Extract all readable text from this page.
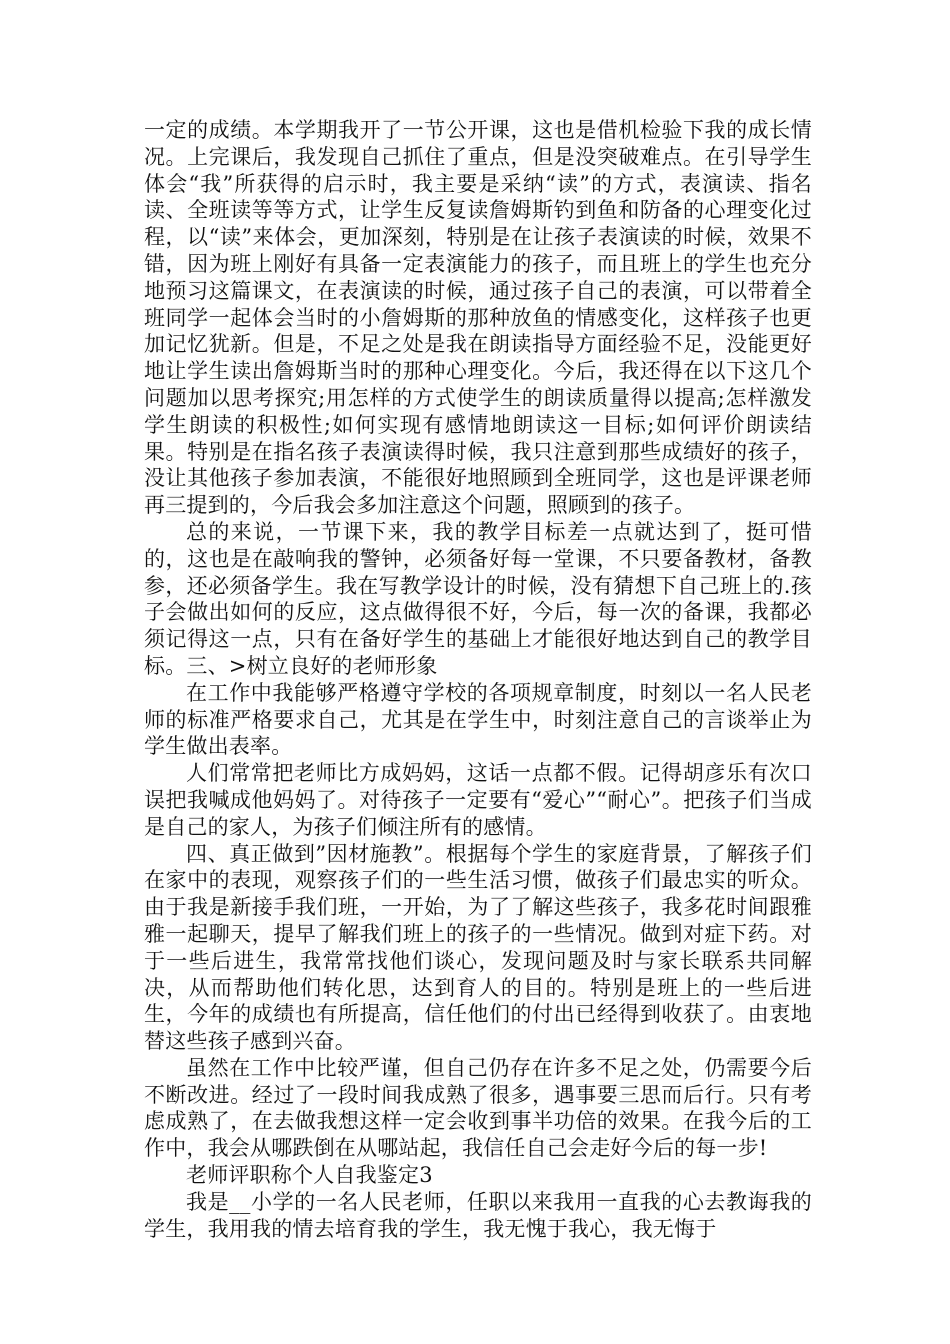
一定的成绩。本学期我开了一节公开课，这也是借机检验下我的成长情况。上完课后，我发现自己抓住了重点，但是没突破难点。在引导学生体会“我”所获得的启示时，我主要是采纳“读”的方式，表演读、指名读、全班读等等方式，让学生反复读詹姆斯钓到鱼和防备的心理变化过程，以“读”来体会，更加深刻，特别是在让孩子表演读的时候，效果不错，因为班上刚好有具备一定表演能力的孩子，而且班上的学生也充分地预习这篇课文，在表演读的时候，通过孩子自己的表演，可以带着全班同学一起体会当时的小詹姆斯的那种放鱼的情感变化，这样孩子也更加记忆犹新。但是，不足之处是我在朗读指导方面经验不足，没能更好地让学生读出詹姆斯当时的那种心理变化。今后，我还得在以下这几个问题加以思考探究;用怎样的方式使学生的朗读质量得以提高;怎样激发学生朗读的积极性;如何实现有感情地朗读这一目标;如何评价朗读结果。特别是在指名孩子表演读得时候，我只注意到那些成绩好的孩子，没让其他孩子参加表演，不能很好地照顾到全班同学，这也是评课老师再三提到的，今后我会多加注意这个问题，照顾到的孩子。

总的来说，一节课下来，我的教学目标差一点就达到了，挺可惜的，这也是在敲响我的警钟，必须备好每一堂课，不只要备教材，备教参，还必须备学生。我在写教学设计的时候，没有猜想下自己班上的.孩子会做出如何的反应，这点做得很不好，今后，每一次的备课，我都必须记得这一点，只有在备好学生的基础上才能很好地达到自己的教学目标。三、>树立良好的老师形象

在工作中我能够严格遵守学校的各项规章制度，时刻以一名人民老师的标准严格要求自己，尤其是在学生中，时刻注意自己的言谈举止为学生做出表率。

人们常常把老师比方成妈妈，这话一点都不假。记得胡彦乐有次口误把我喊成他妈妈了。对待孩子一定要有“爱心”“耐心”。把孩子们当成是自己的家人，为孩子们倾注所有的感情。

四、真正做到”因材施教”。根据每个学生的家庭背景，了解孩子们在家中的表现，观察孩子们的一些生活习惯，做孩子们最忠实的听众。由于我是新接手我们班，一开始，为了了解这些孩子，我多花时间跟雅雅一起聊天，提早了解我们班上的孩子的一些情况。做到对症下药。对于一些后进生，我常常找他们谈心，发现问题及时与家长联系共同解决，从而帮助他们转化思，达到育人的目的。特别是班上的一些后进生，今年的成绩也有所提高，信任他们的付出已经得到收获了。由衷地替这些孩子感到兴奋。

虽然在工作中比较严谨，但自己仍存在许多不足之处，仍需要今后不断改进。经过了一段时间我成熟了很多，遇事要三思而后行。只有考虑成熟了，在去做我想这样一定会收到事半功倍的效果。在我今后的工作中，我会从哪跌倒在从哪站起，我信任自己会走好今后的每一步!

老师评职称个人自我鉴定3

我是__小学的一名人民老师，任职以来我用一直我的心去教诲我的学生，我用我的情去培育我的学生，我无愧于我心，我无悔于
